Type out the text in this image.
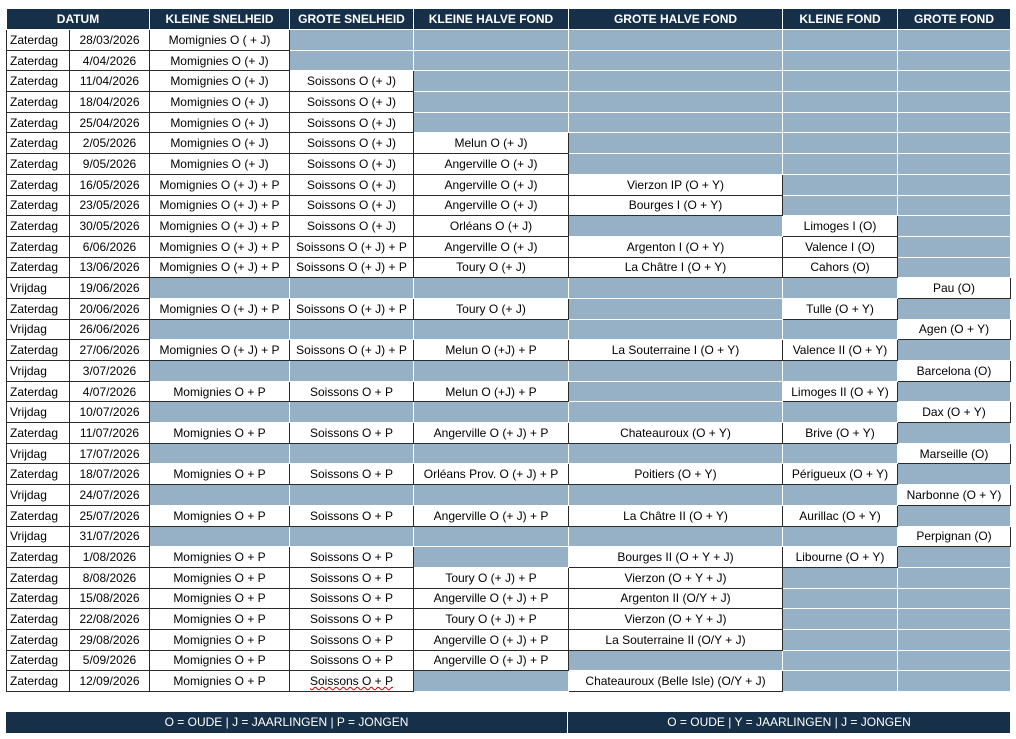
DATUM		KLEINE SNELHEID	GROTE SNELHEID	KLEINE HALVE FOND	GROTE HALVE FOND	KLEINE FOND	GROTE FOND
Zaterdag	28/03/2026	Momignies O ( + J)					
Zaterdag	4/04/2026	Momignies O (+ J)					
Zaterdag	11/04/2026	Momignies O (+ J)	Soissons O (+ J)				
Zaterdag	18/04/2026	Momignies O (+ J)	Soissons O (+ J)				
Zaterdag	25/04/2026	Momignies O (+ J)	Soissons O (+ J)				
Zaterdag	2/05/2026	Momignies O (+ J)	Soissons O (+ J)	Melun O (+ J)			
Zaterdag	9/05/2026	Momignies O (+ J)	Soissons O (+ J)	Angerville O (+ J)			
Zaterdag	16/05/2026	Momignies O (+ J) + P	Soissons O (+ J)	Angerville O (+ J)	Vierzon IP (O + Y)		
Zaterdag	23/05/2026	Momignies O (+ J) + P	Soissons O (+ J)	Angerville O (+ J)	Bourges I (O + Y)		
Zaterdag	30/05/2026	Momignies O (+ J) + P	Soissons O (+ J)	Orléans O (+ J)		Limoges I (O)	
Zaterdag	6/06/2026	Momignies O (+ J) + P	Soissons O (+ J) + P	Angerville O (+ J)	Argenton I (O + Y)	Valence I (O)	
Zaterdag	13/06/2026	Momignies O (+ J) + P	Soissons O (+ J) + P	Toury O (+ J)	La Châtre I (O + Y)	Cahors (O)	
Vrijdag	19/06/2026						Pau (O)
Zaterdag	20/06/2026	Momignies O (+ J) + P	Soissons O (+ J) + P	Toury O (+ J)		Tulle (O + Y)	
Vrijdag	26/06/2026						Agen (O + Y)
Zaterdag	27/06/2026	Momignies O (+ J) + P	Soissons O (+ J) + P	Melun O (+J) + P	La Souterraine I (O + Y)	Valence II (O + Y)	
Vrijdag	3/07/2026						Barcelona (O)
Zaterdag	4/07/2026	Momignies O + P	Soissons O + P	Melun O (+J) + P		Limoges II (O + Y)	
Vrijdag	10/07/2026						Dax (O + Y)
Zaterdag	11/07/2026	Momignies O + P	Soissons O + P	Angerville O (+ J) + P	Chateauroux (O + Y)	Brive (O + Y)	
Vrijdag	17/07/2026						Marseille (O)
Zaterdag	18/07/2026	Momignies O + P	Soissons O + P	Orléans Prov. O (+ J) + P	Poitiers (O + Y)	Périgueux (O + Y)	
Vrijdag	24/07/2026						Narbonne (O + Y)
Zaterdag	25/07/2026	Momignies O + P	Soissons O + P	Angerville O (+ J) + P	La Châtre II (O + Y)	Aurillac (O + Y)	
Vrijdag	31/07/2026						Perpignan (O)
Zaterdag	1/08/2026	Momignies O + P	Soissons O + P		Bourges II (O + Y + J)	Libourne (O + Y)	
Zaterdag	8/08/2026	Momignies O + P	Soissons O + P	Toury O (+ J) + P	Vierzon (O + Y + J)		
Zaterdag	15/08/2026	Momignies O + P	Soissons O + P	Angerville O (+ J) + P	Argenton II (O/Y + J)		
Zaterdag	22/08/2026	Momignies O + P	Soissons O + P	Toury O (+ J) + P	Vierzon (O + Y + J)		
Zaterdag	29/08/2026	Momignies O + P	Soissons O + P	Angerville O (+ J) + P	La Souterraine II (O/Y + J)		
Zaterdag	5/09/2026	Momignies O + P	Soissons O + P	Angerville O (+ J) + P			
Zaterdag	12/09/2026	Momignies O + P	Soissons O + P		Chateauroux (Belle Isle) (O/Y + J)		
O = OUDE | J = JAARLINGEN | P = JONGEN	O = OUDE | Y = JAARLINGEN | J = JONGEN
